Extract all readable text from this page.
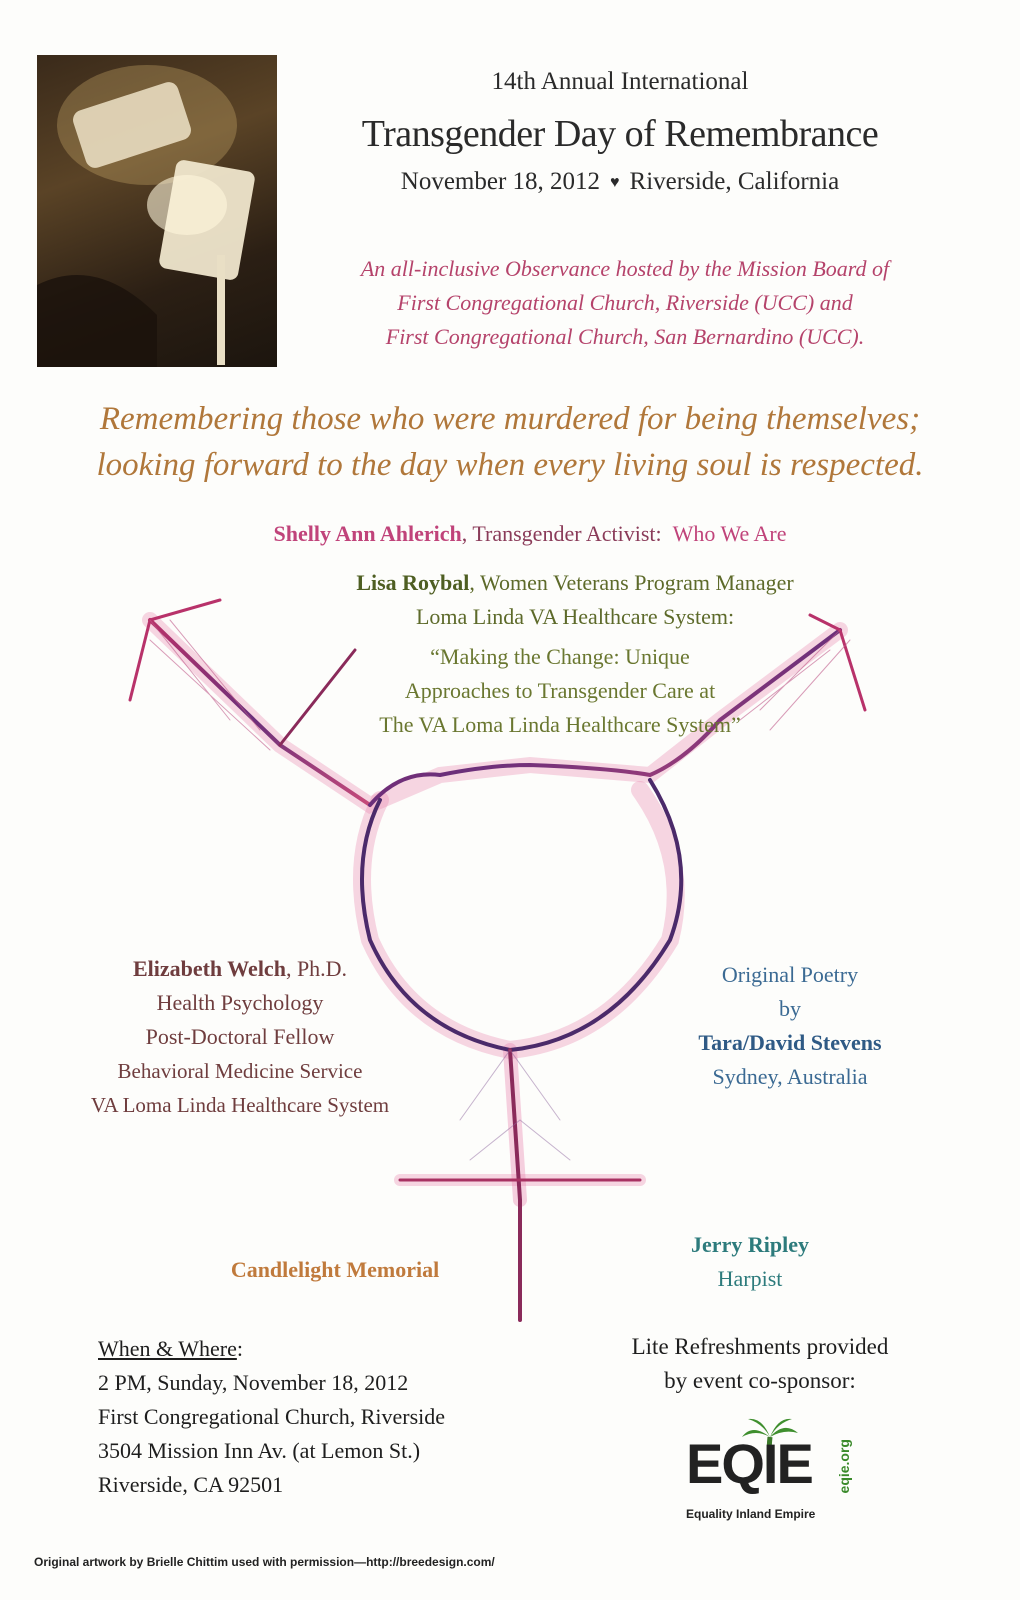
14th Annual International
Transgender Day of Remembrance
November 18, 2012 ♥ Riverside, California
An all-inclusive Observance hosted by the Mission Board of
First Congregational Church, Riverside (UCC) and
First Congregational Church, San Bernardino (UCC).
Remembering those who were murdered for being themselves;
looking forward to the day when every living soul is respected.
Shelly Ann Ahlerich, Transgender Activist: Who We Are
Lisa Roybal, Women Veterans Program Manager
Loma Linda VA Healthcare System:
“Making the Change: Unique
Approaches to Transgender Care at
The VA Loma Linda Healthcare System”
Elizabeth Welch, Ph.D.
Health Psychology
Post-Doctoral Fellow
Behavioral Medicine Service
VA Loma Linda Healthcare System
Original Poetry
by
Tara/David Stevens
Sydney, Australia
Jerry Ripley
Harpist
Candlelight Memorial
When & Where:
2 PM, Sunday, November 18, 2012
First Congregational Church, Riverside
3504 Mission Inn Av. (at Lemon St.)
Riverside, CA 92501
Lite Refreshments provided
by event co-sponsor:
EQIE
Equality Inland Empire
eqie.org
Original artwork by Brielle Chittim used with permission—http://breedesign.com/
